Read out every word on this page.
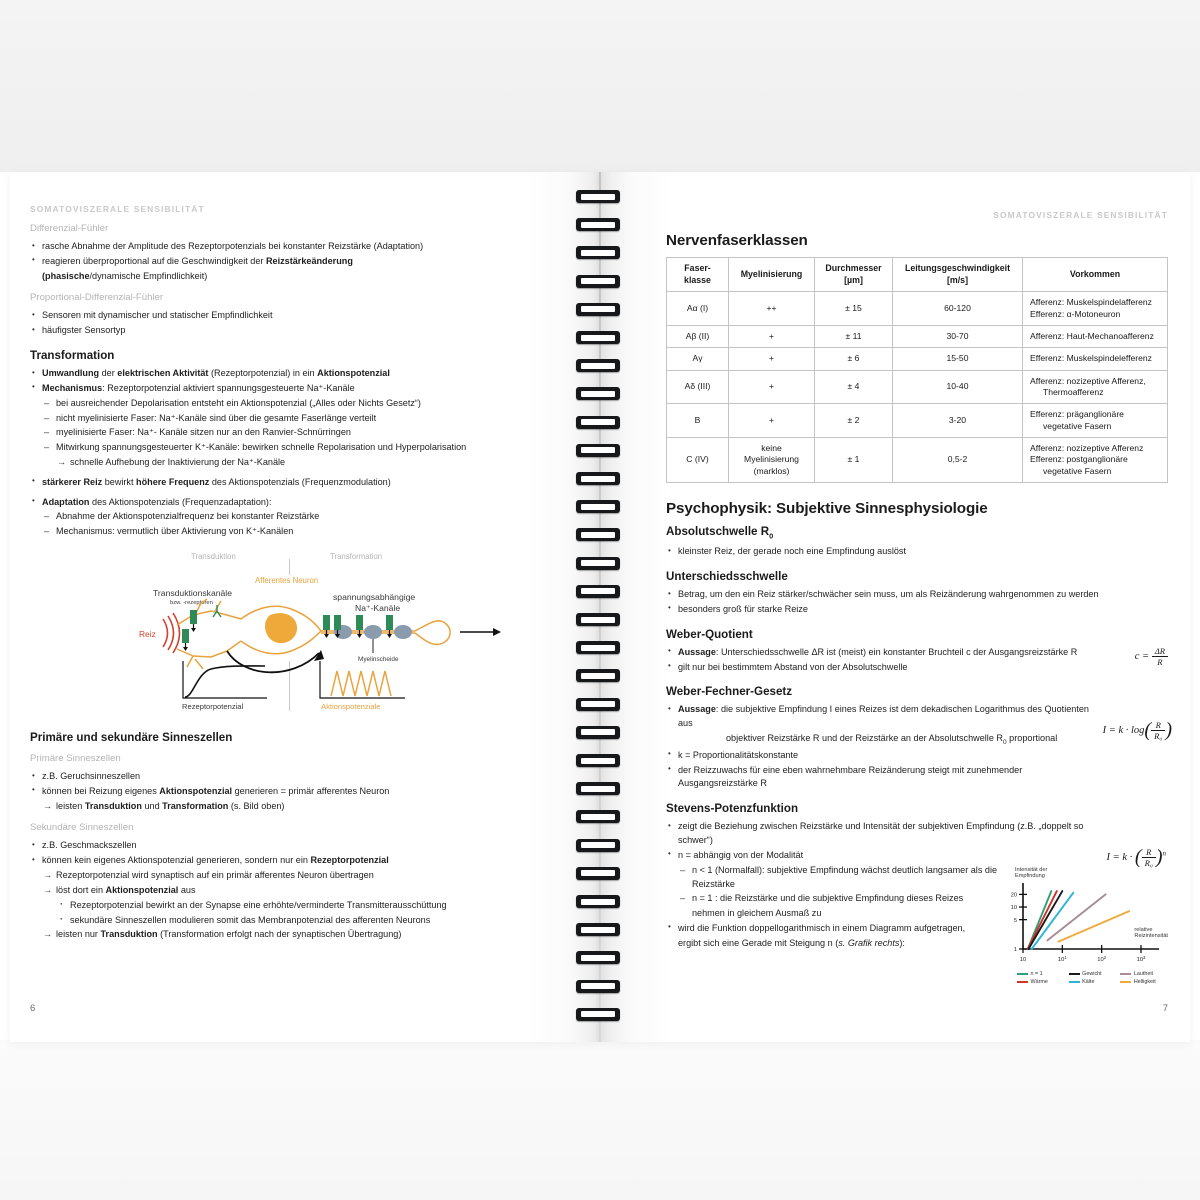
SOMATOVISZERALE SENSIBILITÄT
Differenzial-Fühler
• rasche Abnahme der Amplitude des Rezeptorpotenzials bei konstanter Reizstärke (Adaptation)
• reagieren überproportional auf die Geschwindigkeit der Reizstärkeänderung
(phasische/dynamische Empfindlichkeit)
Proportional-Differenzial-Fühler
• Sensoren mit dynamischer und statischer Empfindlichkeit
• häufigster Sensortyp
Transformation
• Umwandlung der elektrischen Aktivität (Rezeptorpotenzial) in ein Aktionspotenzial
• Mechanismus: Rezeptorpotenzial aktiviert spannungsgesteuerte Na⁺-Kanäle
– bei ausreichender Depolarisation entsteht ein Aktionspotenzial („Alles oder Nichts Gesetz“)
– nicht myelinisierte Faser: Na⁺-Kanäle sind über die gesamte Faserlänge verteilt
– myelinisierte Faser: Na⁺- Kanäle sitzen nur an den Ranvier-Schnürringen
– Mitwirkung spannungsgesteuerter K⁺-Kanäle: bewirken schnelle Repolarisation und Hyperpolarisation
→ schnelle Aufhebung der Inaktivierung der Na⁺-Kanäle
• stärkerer Reiz bewirkt höhere Frequenz des Aktionspotenzials (Frequenzmodulation)
• Adaptation des Aktionspotenzials (Frequenzadaptation):
– Abnahme der Aktionspotenzialfrequenz bei konstanter Reizstärke
– Mechanismus: vermutlich über Aktivierung von K⁺-Kanälen
Transduktion	Transformation
Afferentes Neuron
Transduktionskanäle
bzw. -rezeptoren
Reiz
spannungsabhängige
Na⁺-Kanäle
Myelinscheide
Rezeptorpotenzial	Aktionspotenziale
Primäre und sekundäre Sinneszellen
Primäre Sinneszellen
• z.B. Geruchsinneszellen
• können bei Reizung eigenes Aktionspotenzial generieren = primär afferentes Neuron
→ leisten Transduktion und Transformation (s. Bild oben)
Sekundäre Sinneszellen
• z.B. Geschmackszellen
• können kein eigenes Aktionspotenzial generieren, sondern nur ein Rezeptorpotenzial
→ Rezeptorpotenzial wird synaptisch auf ein primär afferentes Neuron übertragen
→ löst dort ein Aktionspotenzial aus
· Rezeptorpotenzial bewirkt an der Synapse eine erhöhte/verminderte Transmitterausschüttung
· sekundäre Sinneszellen modulieren somit das Membranpotenzial des afferenten Neurons
→ leisten nur Transduktion (Transformation erfolgt nach der synaptischen Übertragung)
6
SOMATOVISZERALE SENSIBILITÄT
Nervenfaserklassen
Faser-
klasse	Myelinisierung	Durchmesser
[µm]	Leitungsgeschwindigkeit
[m/s]	Vorkommen
Aα (I)	++	± 15	60-120	Afferenz: Muskelspindelafferenz
Efferenz: α-Motoneuron

Aβ (II)	+	± 11	30-70	Afferenz: Haut-Mechanoafferenz

Aγ	+	± 6	15-50	Efferenz: Muskelspindelefferenz

Aδ (III)	+	± 4	10-40	Afferenz: nozizeptive Afferenz,
Thermoafferenz

B	+	± 2	3-20	Efferenz: präganglionäre
vegetative Fasern

C (IV)	keine
Myelinisierung
(marklos)	± 1	0,5-2	Afferenz: nozizeptive Afferenz
Efferenz: postganglionäre
vegetative Fasern
Psychophysik: Subjektive Sinnesphysiologie
Absolutschwelle $R_0$
• kleinster Reiz, der gerade noch eine Empfindung auslöst
Unterschiedsschwelle
• Betrag, um den ein Reiz stärker/schwächer sein muss, um als Reizänderung wahrgenommen zu werden
• besonders groß für starke Reize
Weber-Quotient
• Aussage: Unterschiedsschwelle ΔR ist (meist) ein konstanter Bruchteil c der Ausgangsreizstärke R
• gilt nur bei bestimmtem Abstand von der Absolutschwelle
$c = \frac{\Delta R}{R}$
Weber-Fechner-Gesetz
• Aussage: die subjektive Empfindung I eines Reizes ist dem dekadischen Logarithmus des Quotienten aus
objektiver Reizstärke R und der Reizstärke an der Absolutschwelle $R_0$ proportional
• k = Proportionalitätskonstante
• der Reizzuwachs für eine eben wahrnehmbare Reizänderung steigt mit zunehmender Ausgangsreizstärke R
$I = k \cdot \log( \frac{R}{\text{R₀}}$ )
Stevens-Potenzfunktion
• zeigt die Beziehung zwischen Reizstärke und Intensität der subjektiven Empfindung (z.B. „doppelt so schwer“)
• n = abhängig von der Modalität
– n < 1 (Normalfall): subjektive Empfindung wächst deutlich langsamer als die Reizstärke
– n = 1 : die Reizstärke und die subjektive Empfindung dieses Reizes
nehmen in gleichem Ausmaß zu
• wird die Funktion doppellogarithmisch in einem Diagramm aufgetragen,
ergibt sich eine Gerade mit Steigung n (s. Grafik rechts):
I = k · ( $\frac{R}{\text{R₀}} )^n$
Intensität der
Empfindung
relative
Reizintensität
20
10
5
1
10	$10^1$	$10^2$	$10^3$
n = 1	Gewicht	Lautheit
Wärme	Kälte	Helligkeit
7
